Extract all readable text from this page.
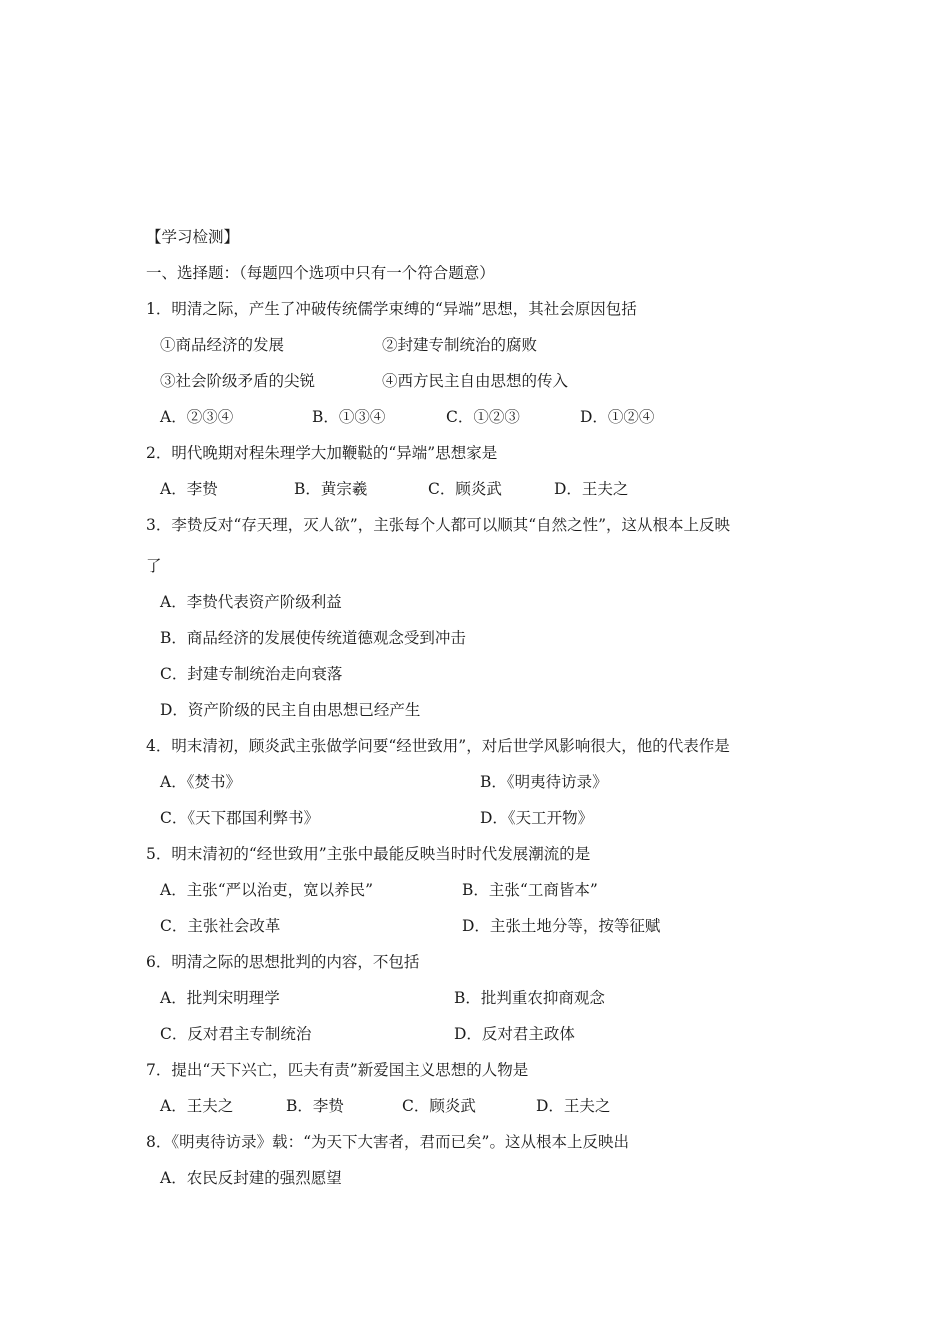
【学习检测】
一、选择题：（每题四个选项中只有一个符合题意）
1．明清之际，产生了冲破传统儒学束缚的“异端”思想，其社会原因包括
①商品经济的发展	②封建专制统治的腐败
③社会阶级矛盾的尖锐	④西方民主自由思想的传入
A．②③④	B．①③④	C．①②③	D．①②④
2．明代晚期对程朱理学大加鞭鞑的“异端”思想家是
A．李贽	B．黄宗羲	C．顾炎武	D．王夫之
3．李贽反对“存天理，灭人欲”，主张每个人都可以顺其“自然之性”，这从根本上反映
了
A．李贽代表资产阶级利益
B．商品经济的发展使传统道德观念受到冲击
C．封建专制统治走向衰落
D．资产阶级的民主自由思想已经产生
4．明末清初，顾炎武主张做学问要“经世致用”，对后世学风影响很大，他的代表作是
A．《焚书》	B．《明夷待访录》
C．《天下郡国利弊书》	D．《天工开物》
5．明末清初的“经世致用”主张中最能反映当时时代发展潮流的是
A．主张“严以治吏，宽以养民”	B．主张“工商皆本”
C．主张社会改革	D．主张土地分等，按等征赋
6．明清之际的思想批判的内容，不包括
A．批判宋明理学	B．批判重农抑商观念
C．反对君主专制统治	D．反对君主政体
7．提出“天下兴亡，匹夫有责”新爱国主义思想的人物是
A．王夫之	B．李贽	C．顾炎武	D．王夫之
8．《明夷待访录》载：“为天下大害者，君而已矣”。这从根本上反映出
A．农民反封建的强烈愿望
